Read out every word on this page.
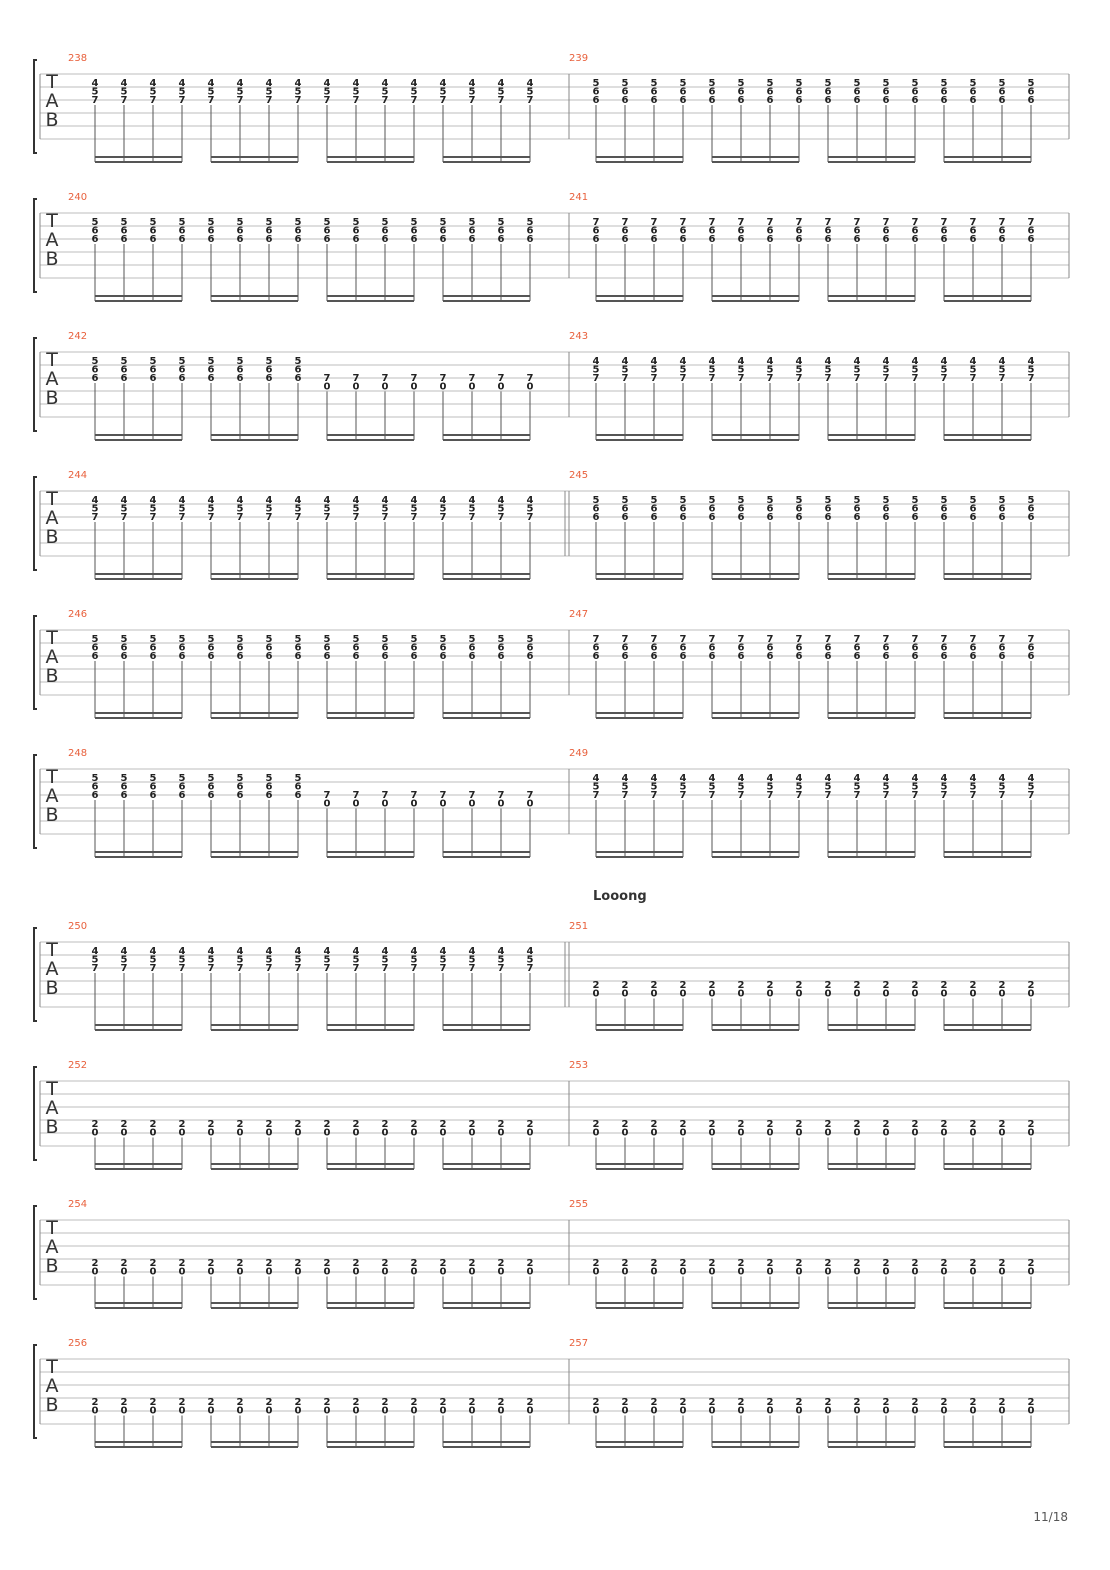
T
A
B
238
4
5
7
4
5
7
4
5
7
4
5
7
4
5
7
4
5
7
4
5
7
4
5
7
4
5
7
4
5
7
4
5
7
4
5
7
4
5
7
4
5
7
4
5
7
4
5
7
239
5
6
6
5
6
6
5
6
6
5
6
6
5
6
6
5
6
6
5
6
6
5
6
6
5
6
6
5
6
6
5
6
6
5
6
6
5
6
6
5
6
6
5
6
6
5
6
6
T
A
B
240
5
6
6
5
6
6
5
6
6
5
6
6
5
6
6
5
6
6
5
6
6
5
6
6
5
6
6
5
6
6
5
6
6
5
6
6
5
6
6
5
6
6
5
6
6
5
6
6
241
7
6
6
7
6
6
7
6
6
7
6
6
7
6
6
7
6
6
7
6
6
7
6
6
7
6
6
7
6
6
7
6
6
7
6
6
7
6
6
7
6
6
7
6
6
7
6
6
T
A
B
242
5
6
6
5
6
6
5
6
6
5
6
6
5
6
6
5
6
6
5
6
6
5
6
6 7
0
7
0
7
0
7
0
7
0
7
0
7
0
7
0
243
4
5
7
4
5
7
4
5
7
4
5
7
4
5
7
4
5
7
4
5
7
4
5
7
4
5
7
4
5
7
4
5
7
4
5
7
4
5
7
4
5
7
4
5
7
4
5
7
T
A
B
244
4
5
7
4
5
7
4
5
7
4
5
7
4
5
7
4
5
7
4
5
7
4
5
7
4
5
7
4
5
7
4
5
7
4
5
7
4
5
7
4
5
7
4
5
7
4
5
7
245
5
6
6
5
6
6
5
6
6
5
6
6
5
6
6
5
6
6
5
6
6
5
6
6
5
6
6
5
6
6
5
6
6
5
6
6
5
6
6
5
6
6
5
6
6
5
6
6
T
A
B
246
5
6
6
5
6
6
5
6
6
5
6
6
5
6
6
5
6
6
5
6
6
5
6
6
5
6
6
5
6
6
5
6
6
5
6
6
5
6
6
5
6
6
5
6
6
5
6
6
247
7
6
6
7
6
6
7
6
6
7
6
6
7
6
6
7
6
6
7
6
6
7
6
6
7
6
6
7
6
6
7
6
6
7
6
6
7
6
6
7
6
6
7
6
6
7
6
6
T
A
B
248
5
6
6
5
6
6
5
6
6
5
6
6
5
6
6
5
6
6
5
6
6
5
6
6 7
0
7
0
7
0
7
0
7
0
7
0
7
0
7
0
249
4
5
7
4
5
7
4
5
7
4
5
7
4
5
7
4
5
7
4
5
7
4
5
7
4
5
7
4
5
7
4
5
7
4
5
7
4
5
7
4
5
7
4
5
7
4
5
7
T
A
B
250
4
5
7
4
5
7
4
5
7
4
5
7
4
5
7
4
5
7
4
5
7
4
5
7
4
5
7
4
5
7
4
5
7
4
5
7
4
5
7
4
5
7
4
5
7
4
5
7
251
2
0
2
0
2
0
2
0
2
0
2
0
2
0
2
0
2
0
2
0
2
0
2
0
2
0
2
0
2
0
2
0
T
A
B
252
2
0
2
0
2
0
2
0
2
0
2
0
2
0
2
0
2
0
2
0
2
0
2
0
2
0
2
0
2
0
2
0
253
2
0
2
0
2
0
2
0
2
0
2
0
2
0
2
0
2
0
2
0
2
0
2
0
2
0
2
0
2
0
2
0
T
A
B
254
2
0
2
0
2
0
2
0
2
0
2
0
2
0
2
0
2
0
2
0
2
0
2
0
2
0
2
0
2
0
2
0
255
2
0
2
0
2
0
2
0
2
0
2
0
2
0
2
0
2
0
2
0
2
0
2
0
2
0
2
0
2
0
2
0
T
A
B
256
2
0
2
0
2
0
2
0
2
0
2
0
2
0
2
0
2
0
2
0
2
0
2
0
2
0
2
0
2
0
2
0
257
2
0
2
0
2
0
2
0
2
0
2
0
2
0
2
0
2
0
2
0
2
0
2
0
2
0
2
0
2
0
2
0
Looong
11/18
